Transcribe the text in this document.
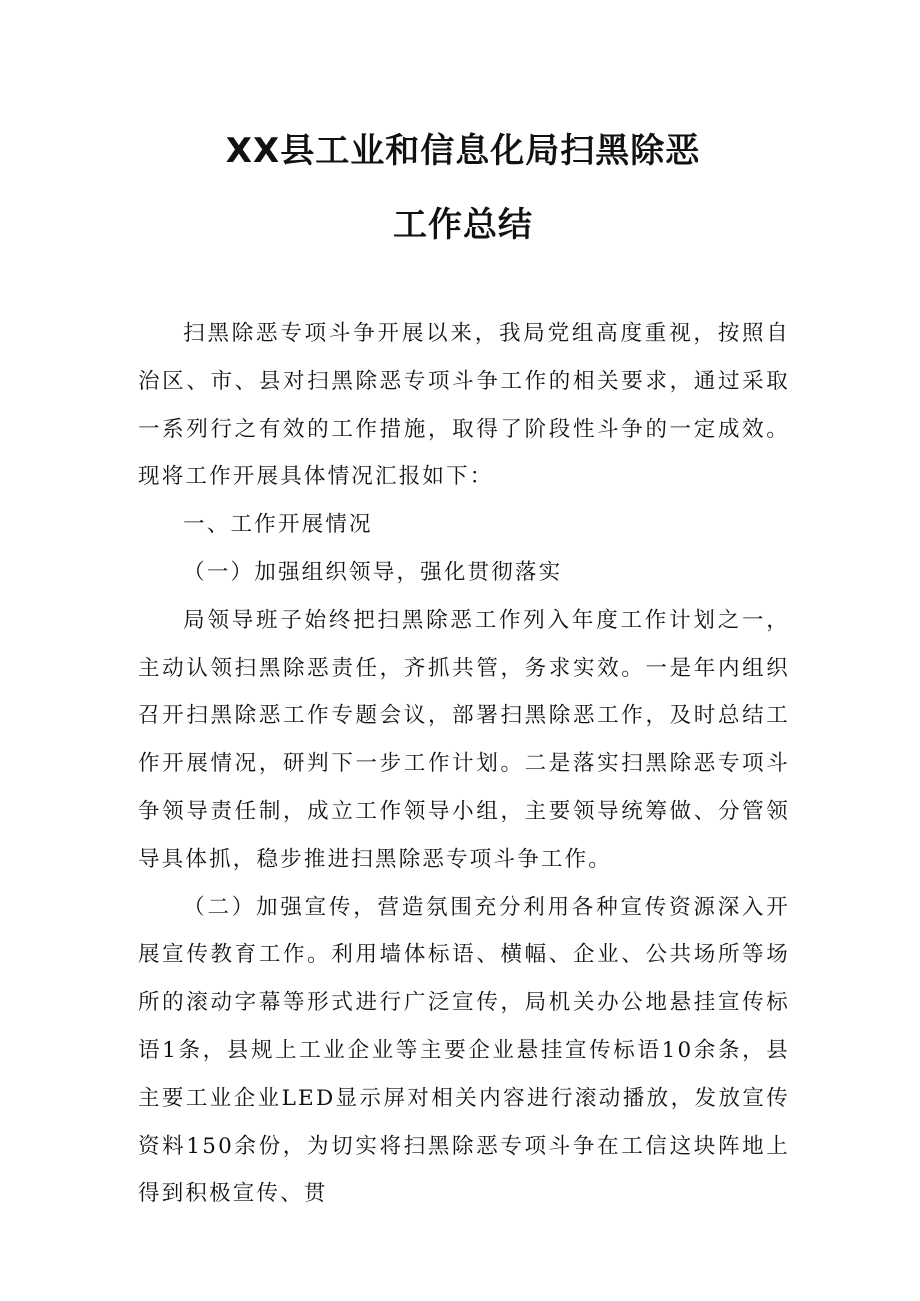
XX县工业和信息化局扫黑除恶
工作总结

扫黑除恶专项斗争开展以来，我局党组高度重视，按照自治区、市、县对扫黑除恶专项斗争工作的相关要求，通过采取一系列行之有效的工作措施，取得了阶段性斗争的一定成效。现将工作开展具体情况汇报如下：

一、工作开展情况

（一）加强组织领导，强化贯彻落实

局领导班子始终把扫黑除恶工作列入年度工作计划之一，主动认领扫黑除恶责任，齐抓共管，务求实效。一是年内组织召开扫黑除恶工作专题会议，部署扫黑除恶工作，及时总结工作开展情况，研判下一步工作计划。二是落实扫黑除恶专项斗争领导责任制，成立工作领导小组，主要领导统筹做、分管领导具体抓，稳步推进扫黑除恶专项斗争工作。

（二）加强宣传，营造氛围充分利用各种宣传资源深入开展宣传教育工作。利用墙体标语、横幅、企业、公共场所等场所的滚动字幕等形式进行广泛宣传，局机关办公地悬挂宣传标语1条，县规上工业企业等主要企业悬挂宣传标语10余条，县主要工业企业LED显示屏对相关内容进行滚动播放，发放宣传资料150余份，为切实将扫黑除恶专项斗争在工信这块阵地上得到积极宣传、贯
